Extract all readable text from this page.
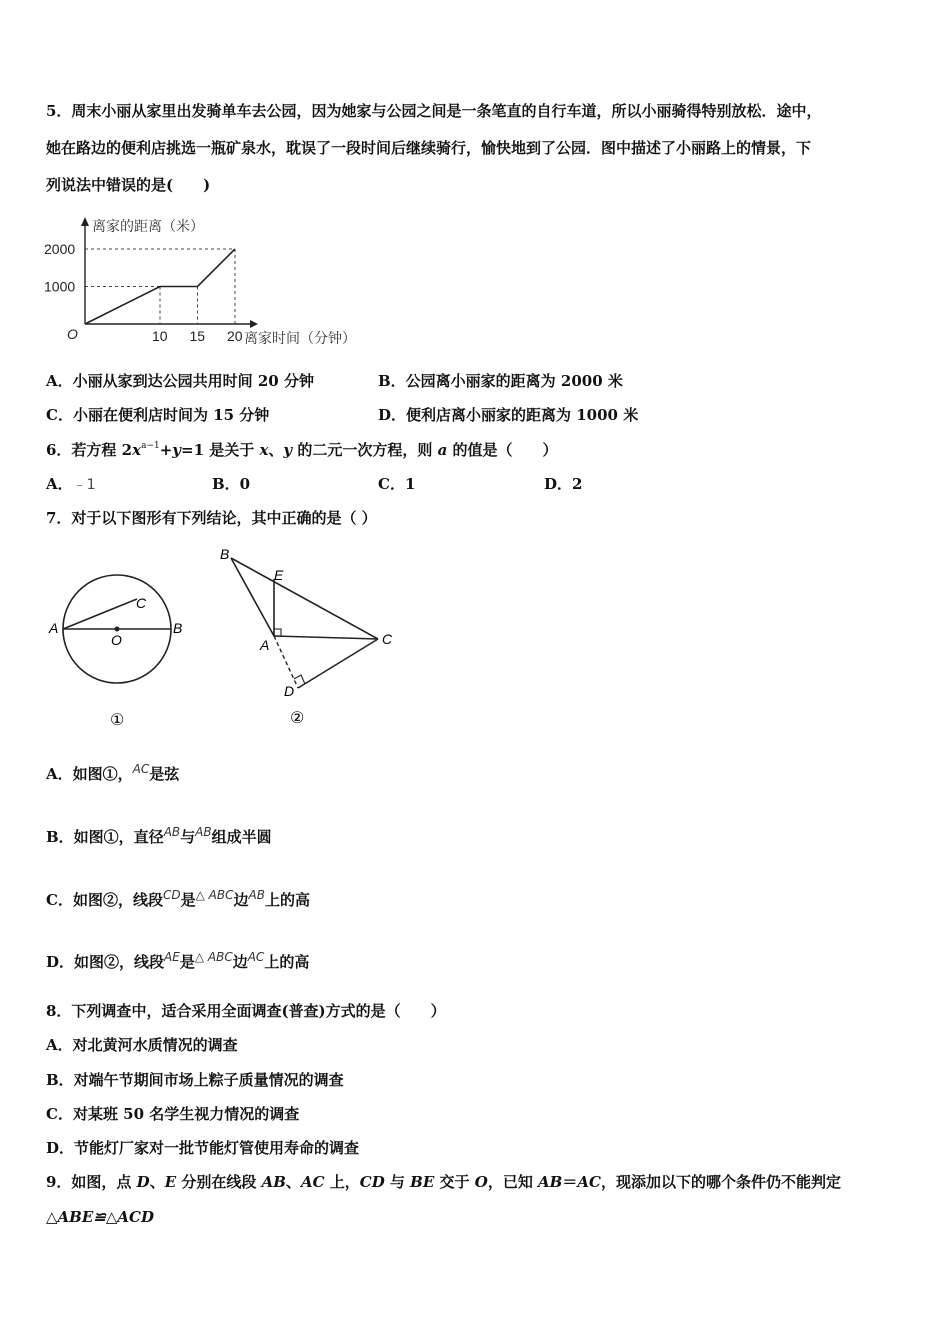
5．周末小丽从家里出发骑单车去公园，因为她家与公园之间是一条笔直的自行车道，所以小丽骑得特别放松．途中，
她在路边的便利店挑选一瓶矿泉水，耽误了一段时间后继续骑行，愉快地到了公园．图中描述了小丽路上的情景，下
列说法中错误的是(　　)
10 15 20
1000
2000
O
离家的距离（米）
离家时间（分钟）
A．小丽从家到达公园共用时间 20 分钟	B．公园离小丽家的距离为 2000 米
C．小丽在便利店时间为 15 分钟	D．便利店离小丽家的距离为 1000 米
6．若方程 $2x^{a-1}+y=1$ 是关于 x、y 的二元一次方程，则 a 的值是（　　）
A．﹣1	B．0	C．1	D．2
7．对于以下图形有下列结论，其中正确的是（ ）
A	B
C
O
①
B
E
A	C
D
②
A．如图①，$^{AC}$是弦
B．如图①，直径$^{AB}$与$^{AB}$组成半圆
C．如图②，线段$^{CD}$是$^{\triangle ABC}$边$^{AB}$上的高
D．如图②，线段$^{AE}$是$^{\triangle ABC}$边$^{AC}$上的高
8．下列调查中，适合采用全面调查(普查)方式的是（　　）
A．对北黄河水质情况的调查
B．对端午节期间市场上粽子质量情况的调查
C．对某班 50 名学生视力情况的调查
D．节能灯厂家对一批节能灯管使用寿命的调查
9．如图，点 D、E 分别在线段 AB、AC 上，CD 与 BE 交于 O，已知 AB＝AC，现添加以下的哪个条件仍不能判定
△ABE≌△ACD
